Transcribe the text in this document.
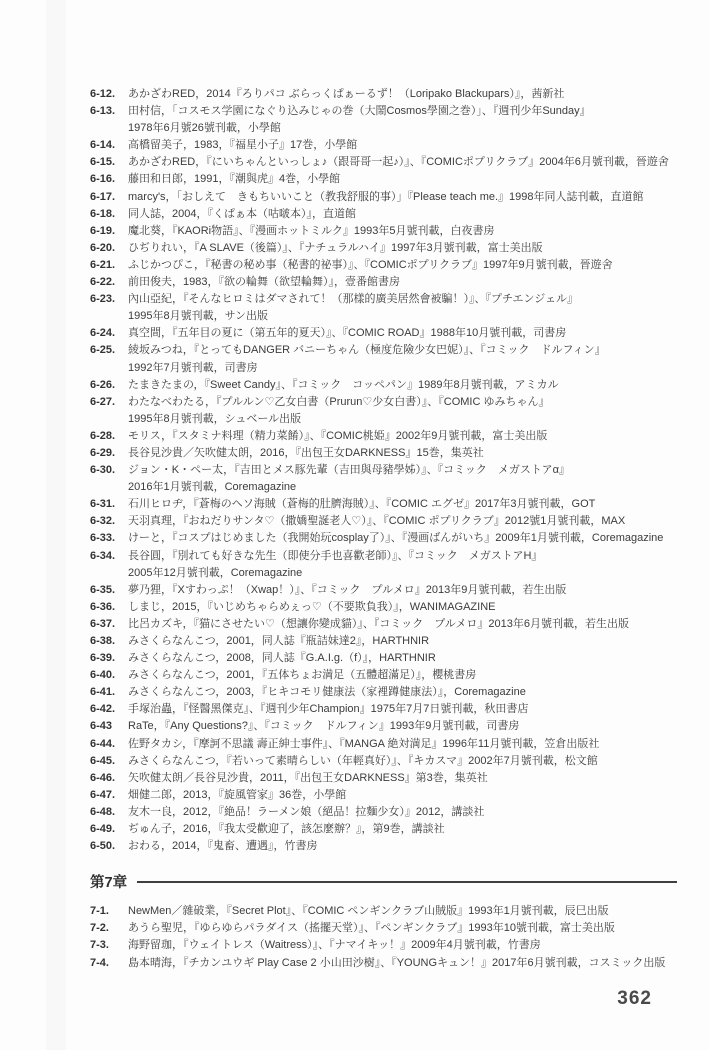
6-12.	あかざわRED，2014『ろりパコ ぶらっくぱぁーるず！（Loripako Blackupars）』，茜新社
6-13.	田村信，「コスモス学園になぐり込みじゃの巻（大鬧Cosmos學園之巻）」、『週刊少年Sunday』
1978年6月號26號刊載，小學館
6-14.	高橋留美子，1983，『福星小子』17巻，小學館
6-15.	あかざわRED，『にいちゃんといっしょ♪（跟哥哥一起♪）』、『COMICポプリクラブ』2004年6月號刊載，晉遊舍
6-16.	藤田和日郎，1991，『潮與虎』4巻，小學館
6-17.	marcy's，「おしえて　きもちいいこと（教我舒服的事）」『Please teach me.』1998年同人誌刊載，直道館
6-18.	同人誌，2004，『くぱぁ本（咕啵本）』，直道館
6-19.	魔北葵，『KAORi物語』、『漫画ホットミルク』1993年5月號刊載，白夜書房
6-20.	ひぢりれい，『A SLAVE（後篇）』、『ナチュラルハイ』1997年3月號刊載，富士美出版
6-21.	ふじかつぴこ，『秘書の秘め事（秘書的祕事）』、『COMICポプリクラブ』1997年9月號刊載，晉遊舍
6-22.	前田俊夫，1983，『欲の輪舞（欲望輪舞）』，壹番館書房
6-23.	內山亞紀，『そんなヒロミはダマされて！（那樣的廣美居然會被騙！）』、『プチエンジェル』
1995年8月號刊載，サン出版
6-24.	真空間，『五年目の夏に（第五年的夏天）』、『COMIC ROAD』1988年10月號刊載，司書房
6-25.	綾坂みつね，『とってもDANGER バニーちゃん（極度危險少女巴妮）』、『コミック　ドルフィン』
1992年7月號刊載，司書房
6-26.	たまきたまの，『Sweet Candy』、『コミック　コッペパン』1989年8月號刊載，アミカル
6-27.	わたなべわたる，『プルルン♡乙女白書（Prurun♡少女白書）』、『COMIC ゆみちゃん』
1995年8月號刊載，シュベール出版
6-28.	モリス，『スタミナ料理（精力菜餚）』、『COMIC桃姫』2002年9月號刊載，富士美出版
6-29.	長谷見沙貴／矢吹健太朗，2016，『出包王女DARKNESS』15巻，集英社
6-30.	ジョン・K・ペー太，『吉田とメス豚先輩（吉田與母豬學姊）』、『コミック　メガストアα』
2016年1月號刊載，Coremagazine
6-31.	石川ヒロヂ，『蒼梅のヘソ海賊（蒼梅的肚臍海賊）』、『COMIC エグゼ』2017年3月號刊載，GOT
6-32.	天羽真理，『おねだりサンタ♡（撒嬌聖誕老人♡）』、『COMIC ポプリクラブ』2012號1月號刊載，MAX
6-33.	けーと，『コスプはじめました（我開始玩cosplay了）』、『漫画ばんがいち』2009年1月號刊載，Coremagazine
6-34.	長谷圓，『別れても好きな先生（即使分手也喜歡老師）』、『コミック　メガストアH』
2005年12月號刊載，Coremagazine
6-35.	夢乃狸，『Xすわっぷ！（Xwap！）』、『コミック　プルメロ』2013年9月號刊載，若生出版
6-36.	しまじ，2015，『いじめちゃらめぇっ♡（不要欺負我）』，WANIMAGAZINE
6-37.	比呂カズキ，『猫にさせたい♡（想讓你變成貓）』、『コミック　プルメロ』2013年6月號刊載，若生出版
6-38.	みさくらなんこつ，2001，同人誌『瓶詰妹達2』，HARTHNIR
6-39.	みさくらなんこつ，2008，同人誌『G.A.I.g.（f）』，HARTHNIR
6-40.	みさくらなんこつ，2001，『五体ちょお満足（五體超滿足）』，櫻桃書房
6-41.	みさくらなんこつ，2003，『ヒキコモリ健康法（家裡蹲健康法）』，Coremagazine
6-42.	手塚治蟲，『怪醫黑傑克』、『週刊少年Champion』1975年7月7日號刊載，秋田書店
6-43	RaTe，『Any Questions?』、『コミック　ドルフィン』1993年9月號刊載，司書房
6-44.	佐野タカシ，『摩訶不思議 壽正紳士事件』、『MANGA 絶対満足』1996年11月號刊載，笠倉出版社
6-45.	みさくらなんこつ，『若いって素晴らしい（年輕真好）』、『キカスマ』2002年7月號刊載，松文館
6-46.	矢吹健太朗／長谷見沙貴，2011，『出包王女DARKNESS』第3巻，集英社
6-47.	畑健二郎，2013，『旋風管家』36巻，小學館
6-48.	友木一良，2012，『絶品！ラーメン娘（絕品！拉麵少女）』2012，講談社
6-49.	ぢゅん子，2016，『我太受歡迎了，該怎麼辦？』，第9巻，講談社
6-50.	おわる，2014，『鬼畜、遭遇』，竹書房
第7章
7-1.	NewMen／雜破業，『Secret Plot』、『COMIC ペンギンクラブ山賊版』1993年1月號刊載，辰巳出版
7-2.	あうら聖児，『ゆらゆらパラダイス（搖擺天堂）』、『ペンギンクラブ』1993年10號刊載，富士美出版
7-3.	海野留珈，『ウェイトレス（Waitress）』、『ナマイキッ！』2009年4月號刊載，竹書房
7-4.	島本晴海，『チカンユウギ Play Case 2 小山田沙樹』、『YOUNGキュン！』2017年6月號刊載，コスミック出版
362
